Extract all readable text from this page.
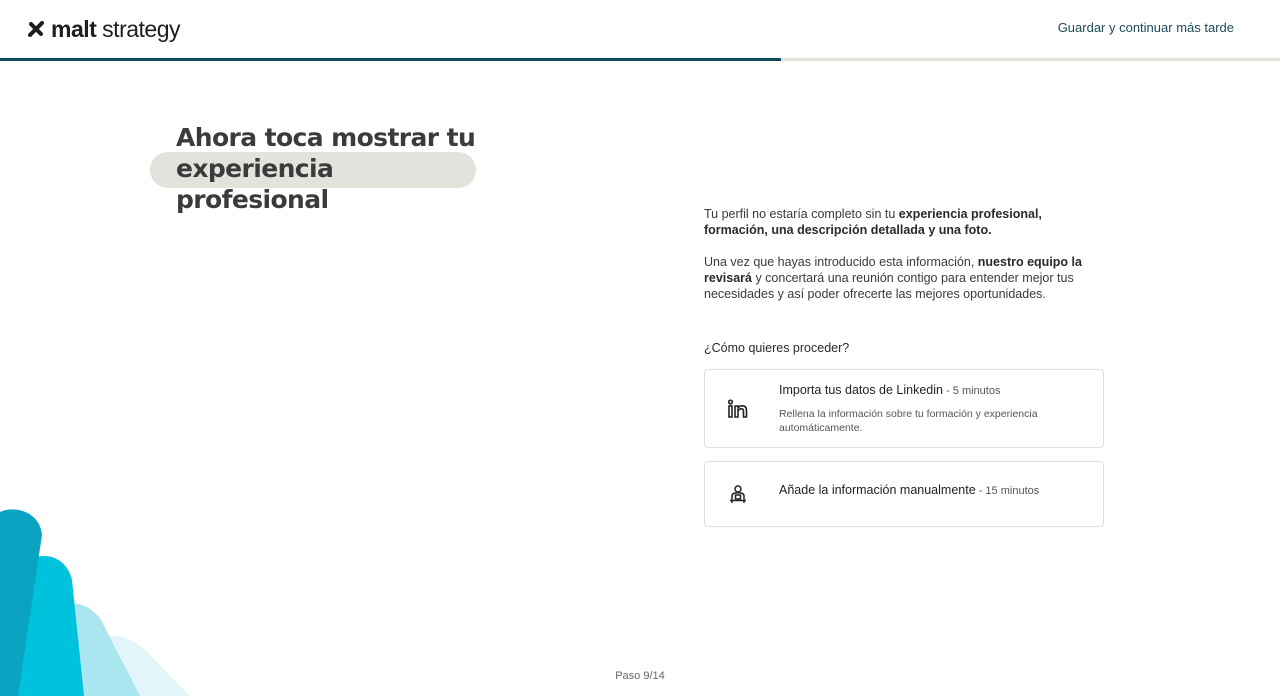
malt strategy	Guardar y continuar más tarde
Ahora toca mostrar tu
experiencia profesional	Tu perfil no estaría completo sin tu experiencia profesional, formación, una descripción detallada y una foto.

Una vez que hayas introducido esta información, nuestro equipo la revisará y concertará una reunión contigo para entender mejor tus necesidades y así poder ofrecerte las mejores oportunidades.

¿Cómo quieres proceder?
Importa tus datos de Linkedin - 5 minutos
Rellena la información sobre tu formación y experiencia automáticamente.
Añade la información manualmente - 15 minutos
Paso 9/14
